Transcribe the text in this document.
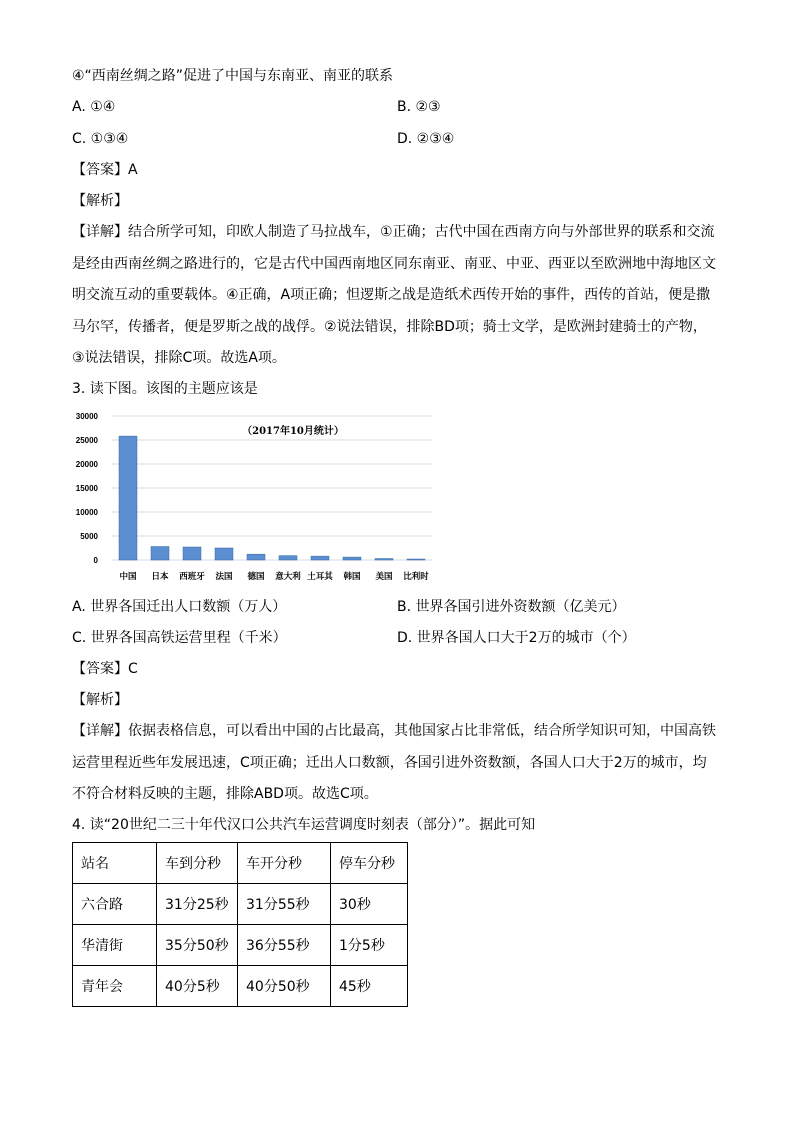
④“西南丝绸之路”促进了中国与东南亚、南亚的联系
A. ①④	B. ②③
C. ①③④	D. ②③④
【答案】A
【解析】
【详解】结合所学可知，印欧人制造了马拉战车，①正确；古代中国在西南方向与外部世界的联系和交流
是经由西南丝绸之路进行的，它是古代中国西南地区同东南亚、南亚、中亚、西亚以至欧洲地中海地区文
明交流互动的重要载体。④正确，A项正确；怛逻斯之战是造纸术西传开始的事件，西传的首站，便是撒
马尔罕，传播者，便是罗斯之战的战俘。②说法错误，排除BD项；骑士文学，是欧洲封建骑士的产物，
③说法错误，排除C项。故选A项。
3. 读下图。该图的主题应该是
0
5000
10000
15000
20000
25000
30000
中国 日本 西班牙 法国 德国 意大利 土耳其 韩国 美国 比利时
（2017年10月统计）
A. 世界各国迁出人口数额（万人）	B. 世界各国引进外资数额（亿美元）
C. 世界各国高铁运营里程（千米）	D. 世界各国人口大于2万的城市（个）
【答案】C
【解析】
【详解】依据表格信息，可以看出中国的占比最高，其他国家占比非常低，结合所学知识可知，中国高铁
运营里程近些年发展迅速，C项正确；迁出人口数额，各国引进外资数额，各国人口大于2万的城市，均
不符合材料反映的主题，排除ABD项。故选C项。
4. 读“20世纪二三十年代汉口公共汽车运营调度时刻表（部分）”。据此可知
站名	车到分秒	车开分秒	停车分秒
六合路	31分25秒	31分55秒	30秒
华清街	35分50秒	36分55秒	1分5秒
青年会	40分5秒	40分50秒	45秒
